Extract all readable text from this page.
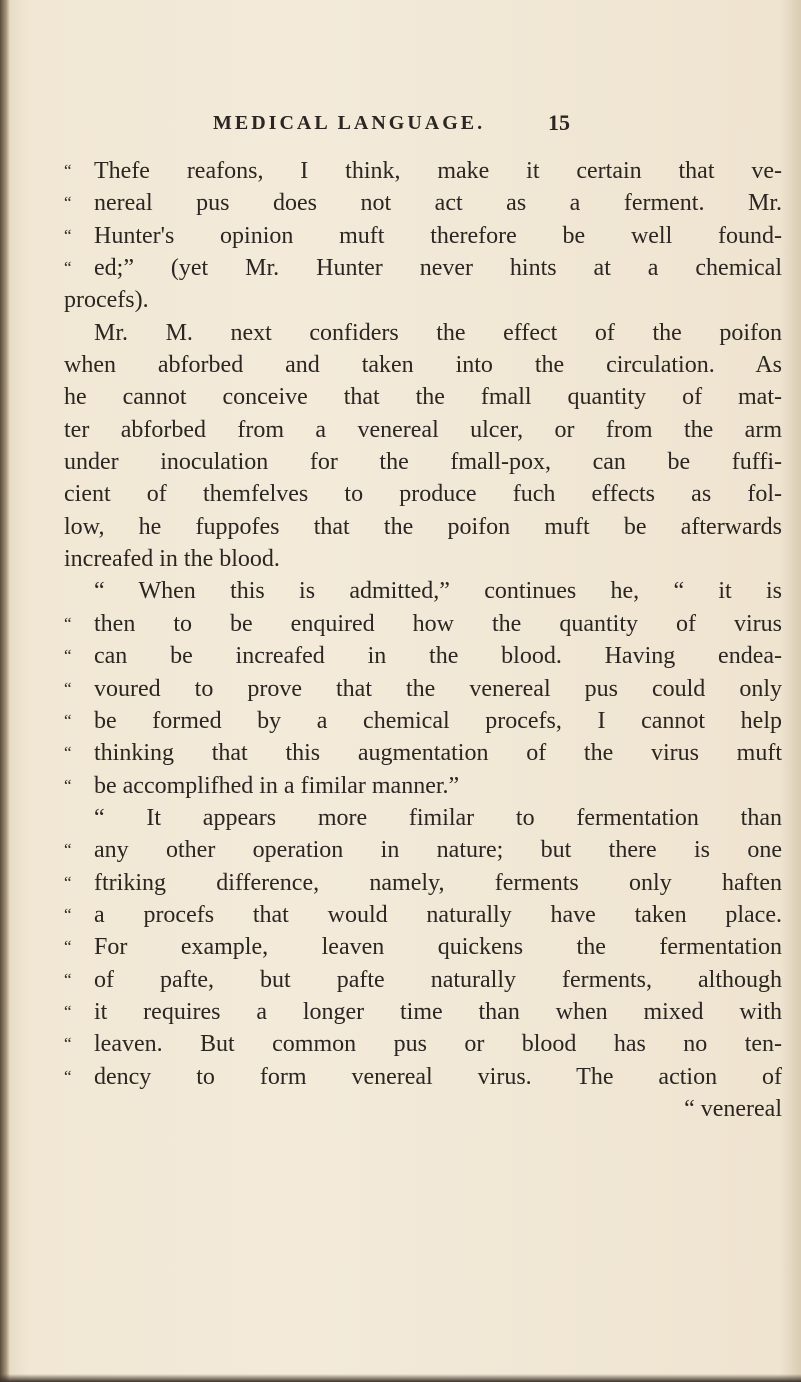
MEDICAL LANGUAGE.	15
“ Thefe reafons, I think, make it certain that ve-
“ nereal pus does not act as a ferment. Mr.
“ Hunter's opinion muft therefore be well found-
“ ed;” (yet Mr. Hunter never hints at a chemical
procefs).
Mr. M. next confiders the effect of the poifon
when abforbed and taken into the circulation. As
he cannot conceive that the fmall quantity of mat-
ter abforbed from a venereal ulcer, or from the arm
under inoculation for the fmall-pox, can be fuffi-
cient of themfelves to produce fuch effects as fol-
low, he fuppofes that the poifon muft be afterwards
increafed in the blood.
“ When this is admitted,” continues he, “ it is
“ then to be enquired how the quantity of virus
“ can be increafed in the blood. Having endea-
“ voured to prove that the venereal pus could only
“ be formed by a chemical procefs, I cannot help
“ thinking that this augmentation of the virus muft
“ be accomplifhed in a fimilar manner.”
“ It appears more fimilar to fermentation than
“ any other operation in nature; but there is one
“ ftriking difference, namely, ferments only haften
“ a procefs that would naturally have taken place.
“ For example, leaven quickens the fermentation
“ of pafte, but pafte naturally ferments, although
“ it requires a longer time than when mixed with
“ leaven. But common pus or blood has no ten-
“ dency to form venereal virus. The action of
“ venereal
